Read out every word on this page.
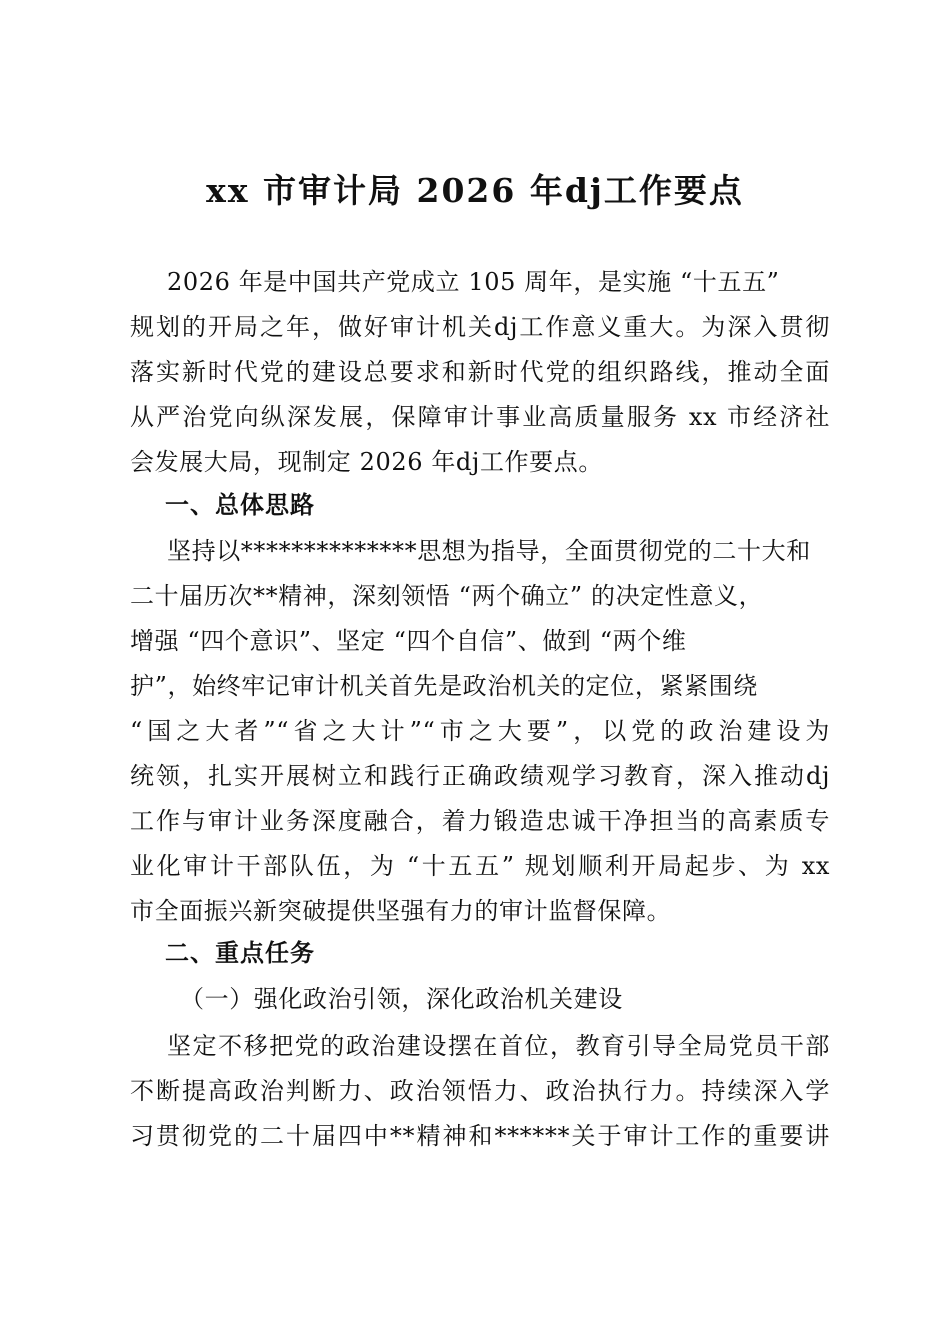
xx 市审计局 2026 年dj工作要点
2026 年是中国共产党成立 105 周年，是实施 “十五五”
规划的开局之年，做好审计机关dj工作意义重大。为深入贯彻
落实新时代党的建设总要求和新时代党的组织路线，推动全面
从严治党向纵深发展，保障审计事业高质量服务 xx 市经济社
会发展大局，现制定 2026 年dj工作要点。
一、总体思路
坚持以**************思想为指导，全面贯彻党的二十大和
二十届历次**精神，深刻领悟 “两个确立” 的决定性意义，
增强 “四个意识”、坚定 “四个自信”、做到 “两个维
护”，始终牢记审计机关首先是政治机关的定位，紧紧围绕
“国之大者”“省之大计”“市之大要”，以党的政治建设为
统领，扎实开展树立和践行正确政绩观学习教育，深入推动dj
工作与审计业务深度融合，着力锻造忠诚干净担当的高素质专
业化审计干部队伍，为 “十五五” 规划顺利开局起步、为 xx
市全面振兴新突破提供坚强有力的审计监督保障。
二、重点任务
（一）强化政治引领，深化政治机关建设
坚定不移把党的政治建设摆在首位，教育引导全局党员干部
不断提高政治判断力、政治领悟力、政治执行力。持续深入学
习贯彻党的二十届四中**精神和******关于审计工作的重要讲
